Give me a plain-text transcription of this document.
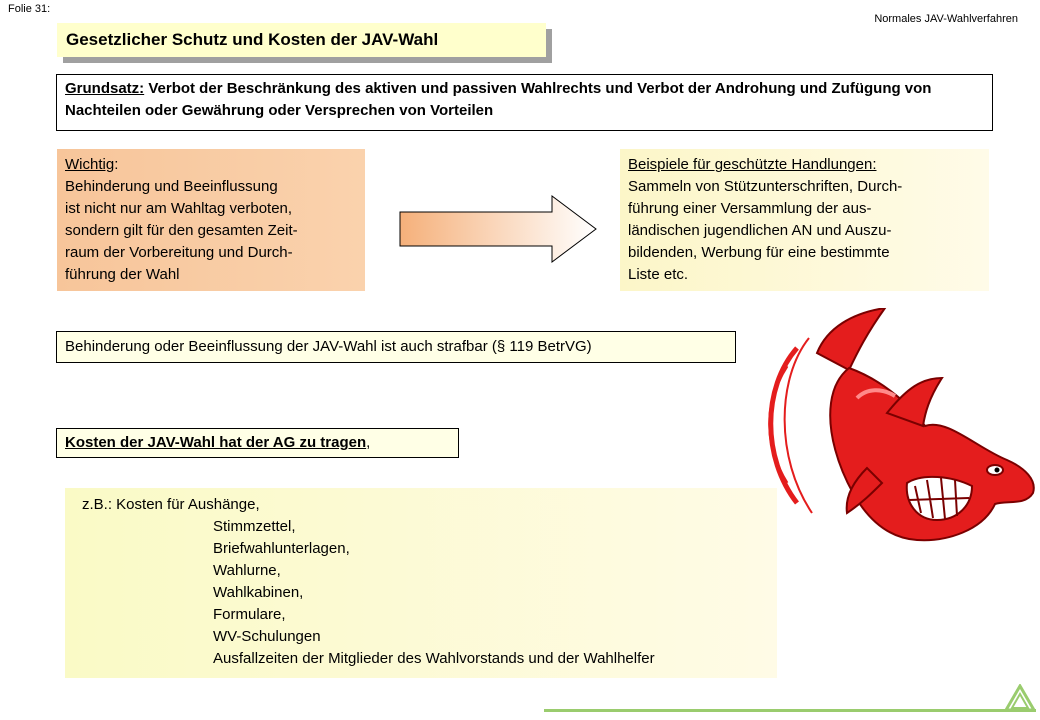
Folie 31:
Normales JAV-Wahlverfahren
Gesetzlicher Schutz und Kosten der JAV-Wahl
Grundsatz: Verbot der Beschränkung des aktiven und passiven Wahlrechts und Verbot der Androhung und Zufügung von Nachteilen oder Gewährung oder Versprechen von Vorteilen
Wichtig:
Behinderung und Beeinflussung
ist nicht nur am Wahltag verboten,
sondern gilt für den gesamten Zeit-
raum der Vorbereitung und Durch-
führung der Wahl
Beispiele für geschützte Handlungen:
Sammeln von Stützunterschriften, Durch-
führung einer Versammlung der aus-
ländischen jugendlichen AN und Auszu-
bildenden, Werbung für eine bestimmte
Liste etc.
Behinderung oder Beeinflussung der JAV-Wahl ist auch strafbar (§ 119 BetrVG)
Kosten der JAV-Wahl hat der AG zu tragen,
z.B.: Kosten für Aushänge,
Stimmzettel,
Briefwahlunterlagen,
Wahlurne,
Wahlkabinen,
Formulare,
WV-Schulungen
Ausfallzeiten der Mitglieder des Wahlvorstands und der Wahlhelfer
